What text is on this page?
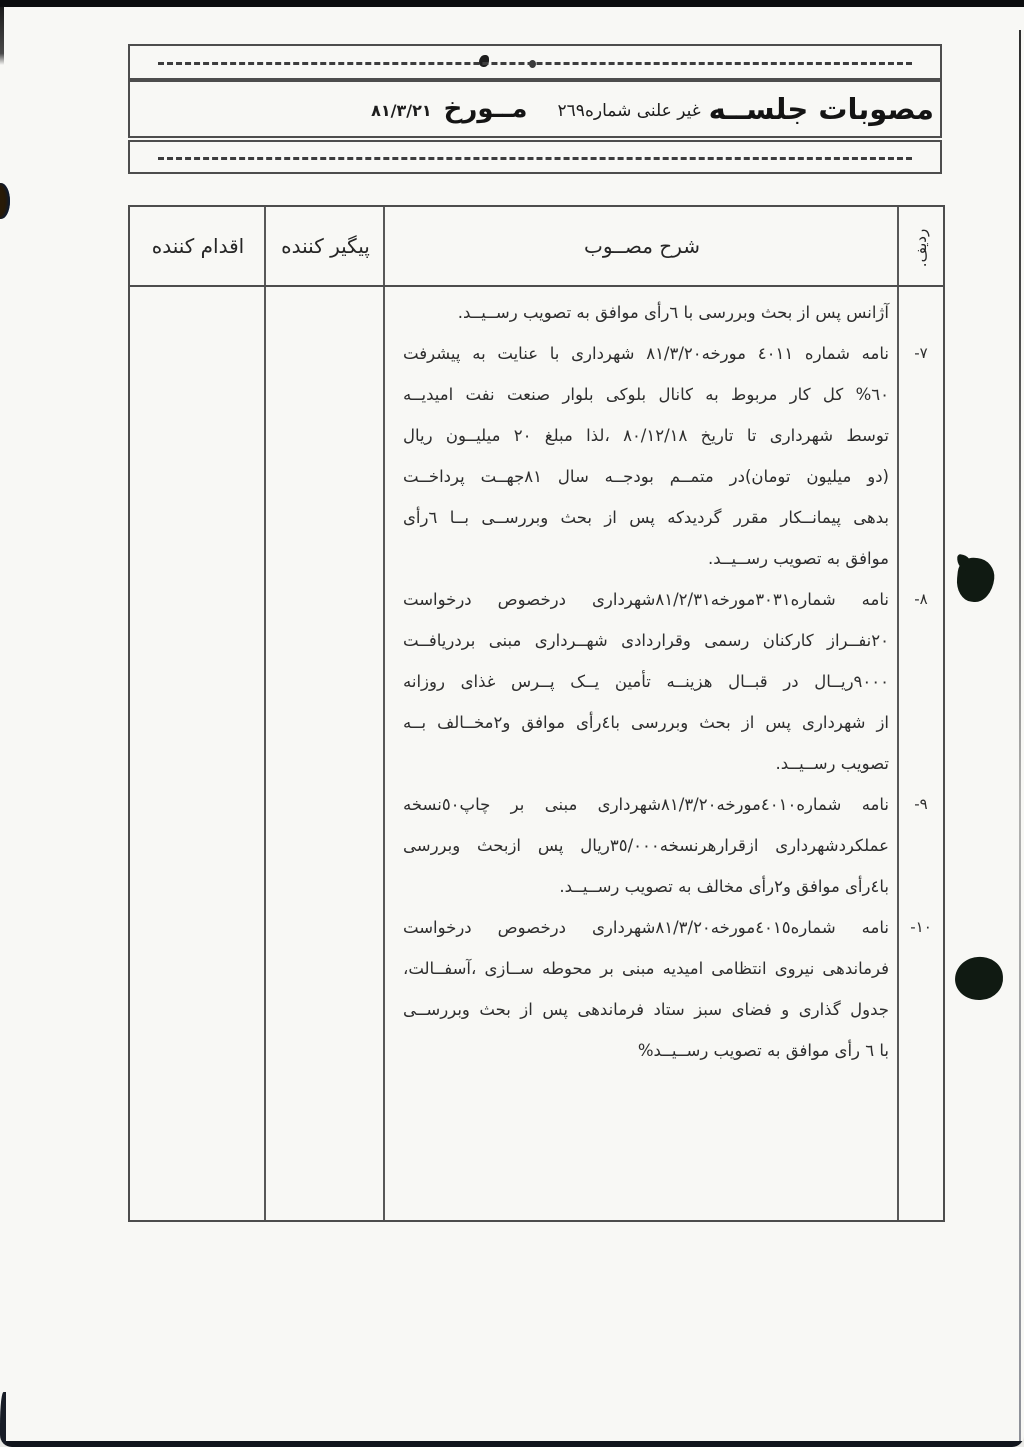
مصوبات جلســه
غیر علنی شماره٢٦٩
مــورخ
٨١/٣/٢١
ردیف.
شرح مصــوب
پیگیر کننده
اقدام کننده
آژانس پس از بحث وبررسی با ٦رأی موافق به تصویب رســیــد.
٧-
نامه شماره ٤٠١١ مورخه٨١/٣/٢٠ شهرداری با عنایت به پیشرفت
٦٠% کل کار مربوط به کانال بلوکی بلوار صنعت نفت امیدیــه
توسط شهرداری تا تاریخ ٨٠/١٢/١٨ ،لذا مبلغ ٢٠ میلیــون ریال
(دو میلیون تومان)در متمــم بودجــه سال ٨١جهــت پرداخــت
بدهی پیمانــکار مقرر گردیدکه پس از بحث وبررســی بــا ٦رأی
موافق به تصویب رســیــد.
٨-
نامه شماره٣٠٣١مورخه٨١/٢/٣١شهرداری درخصوص درخواست
٢٠نفــراز کارکنان رسمی وقراردادی شهــرداری مبنی بردریافــت
٩٠٠٠ریــال در قبــال هزینــه تأمین یــک پــرس غذای روزانه
از شهرداری پس از بحث وبررسی با٤رأی موافق و٢مخــالف بــه
تصویب رســیــد.
٩-
نامه شماره٤٠١٠مورخه٨١/٣/٢٠شهرداری مبنی بر چاپ٥٠نسخه
عملکردشهرداری ازقرارهرنسخه٣٥/٠٠٠ریال پس ازبحث وبررسی
با٤رأی موافق و٢رأی مخالف به تصویب رســیــد.
١٠-
نامه شماره٤٠١٥مورخه٨١/٣/٢٠شهرداری درخصوص درخواست
فرماندهی نیروی انتظامی امیدیه مبنی بر محوطه ســازی ،آسفــالت،
جدول گذاری و فضای سبز ستاد فرماندهی پس از بحث وبررســی
با ٦ رأی موافق به تصویب رســیــد%
